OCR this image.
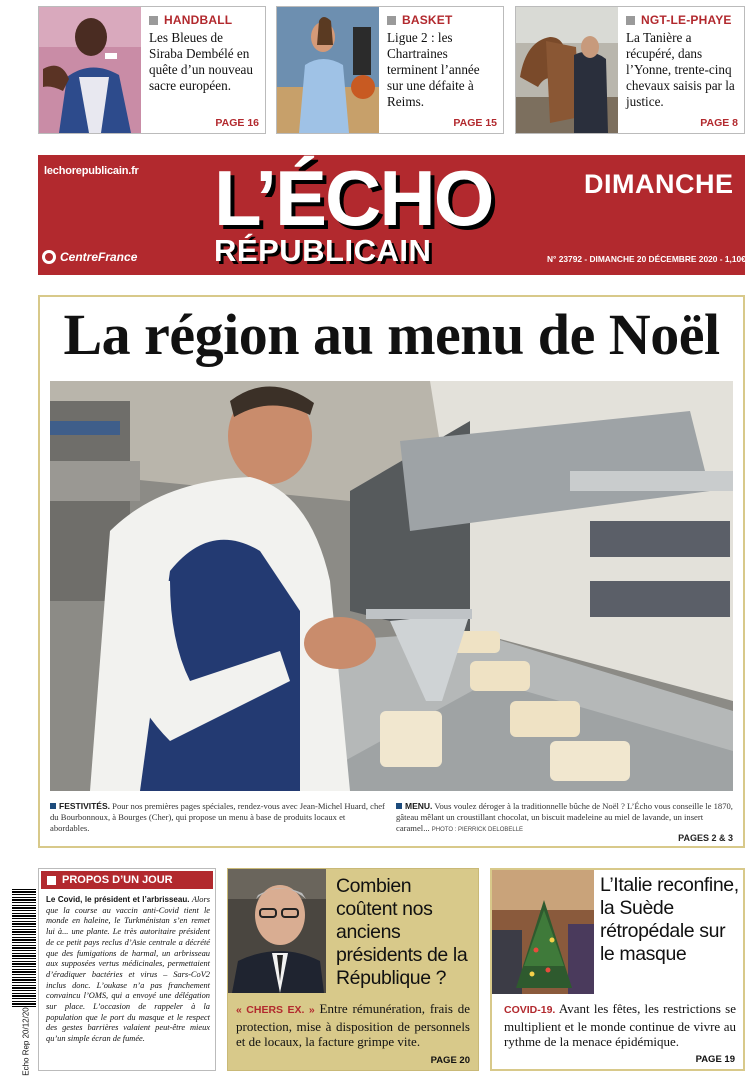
HANDBALL
Les Bleues de Siraba Dembélé en quête d’un nouveau sacre européen.
PAGE 16
BASKET
Ligue 2 : les Chartraines terminent l’année sur une défaite à Reims.
PAGE 15
NGT-LE-PHAYE
La Tanière a récupéré, dans l’Yonne, trente-cinq chevaux saisis par la justice.
PAGE 8
lechorepublicain.fr L’ÉCHO
RÉPUBLICAIN
DIMANCHE
CentreFrance	N° 23792 - DIMANCHE 20 DÉCEMBRE 2020 - 1,10€
La région au menu de Noël
FESTIVITÉS. Pour nos premières pages spéciales, rendez-vous avec Jean-Michel Huard, chef du Bourbonnoux, à Bourges (Cher), qui propose un menu à base de produits locaux et abordables.
MENU. Vous voulez déroger à la traditionnelle bûche de Noël ? L’Écho vous conseille le 1870, gâteau mêlant un croustillant chocolat, un biscuit madeleine au miel de lavande, un insert caramel... PHOTO : PIERRICK DELOBELLE
PAGES 2 & 3
Echo Rep 20/12/20
PROPOS D’UN JOUR
Le Covid, le président et l’arbrisseau. Alors que la course au vaccin anti-Covid tient le monde en haleine, le Turkménistan s’en remet lui à... une plante. Le très autoritaire président de ce petit pays reclus d’Asie centrale a décrété que des fumigations de harmal, un arbrisseau aux supposées vertus médicinales, permettaient d’éradiquer bactéries et virus – Sars-CoV2 inclus donc. L’oukase n’a pas franchement convaincu l’OMS, qui a envoyé une délégation sur place. L’occasion de rappeler à la population que le port du masque et le respect des gestes barrières valaient peut-être mieux qu’un simple écran de fumée.
Combien coûtent nos anciens présidents de la République ?
« CHERS EX. » Entre rémunération, frais de protection, mise à disposition de personnels et de locaux, la facture grimpe vite.
PAGE 20
L’Italie reconfine, la Suède rétropédale sur le masque
COVID-19. Avant les fêtes, les restrictions se multiplient et le monde continue de vivre au rythme de la menace épidémique.
PAGE 19
